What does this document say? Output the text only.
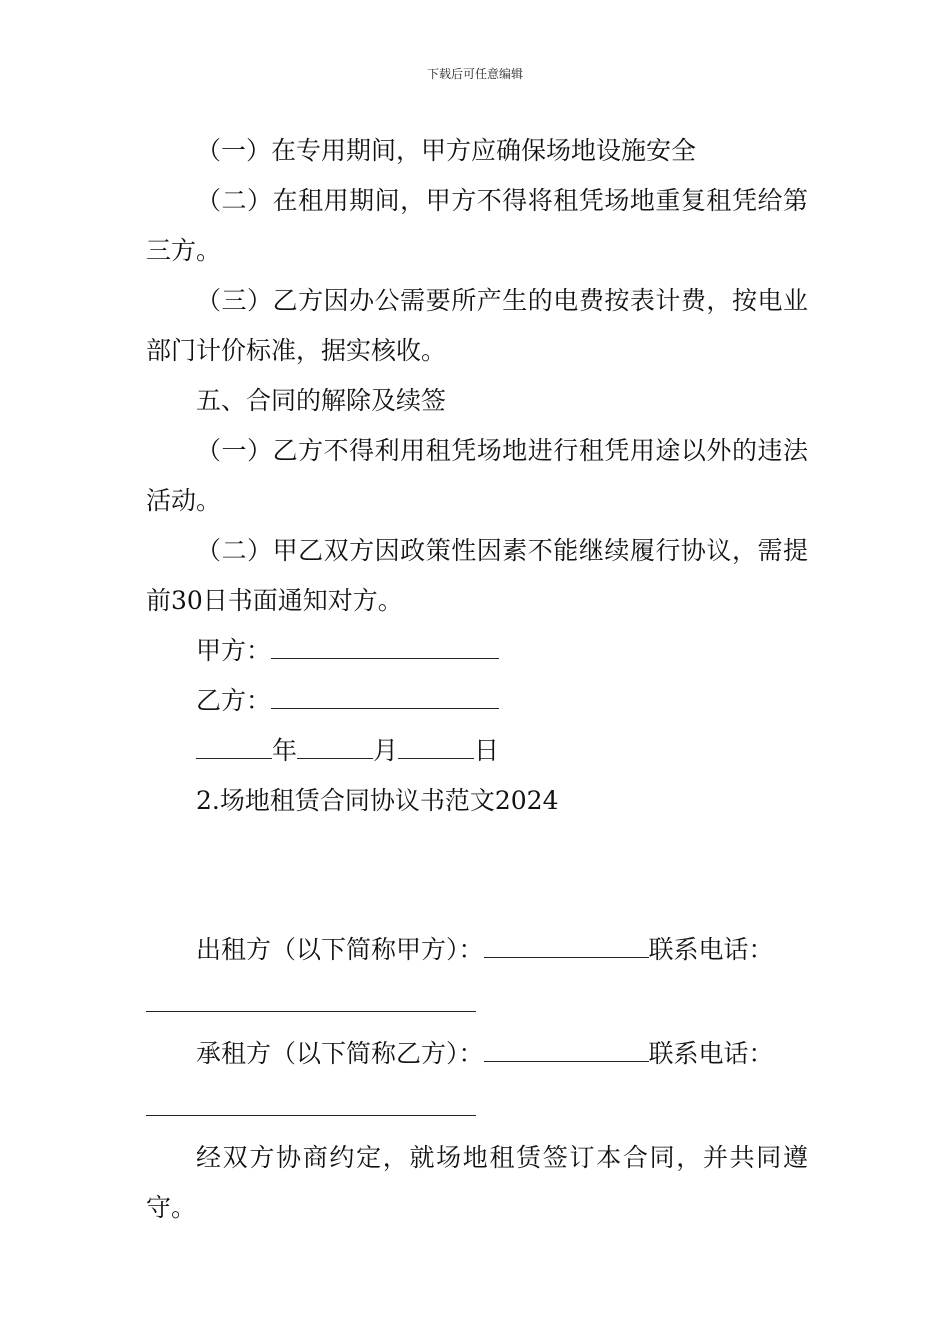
下载后可任意编辑

（一）在专用期间，甲方应确保场地设施安全

（二）在租用期间，甲方不得将租凭场地重复租凭给第三方。

（三）乙方因办公需要所产生的电费按表计费，按电业部门计价标准，据实核收。

五、合同的解除及续签

（一）乙方不得利用租凭场地进行租凭用途以外的违法活动。

（二）甲乙双方因政策性因素不能继续履行协议，需提前30日书面通知对方。

甲方：

乙方：

年	月	日

2.场地租赁合同协议书范文2024

出租方（以下简称甲方）：	联系电话：

承租方（以下简称乙方）：	联系电话：

经双方协商约定，就场地租赁签订本合同，并共同遵守。
